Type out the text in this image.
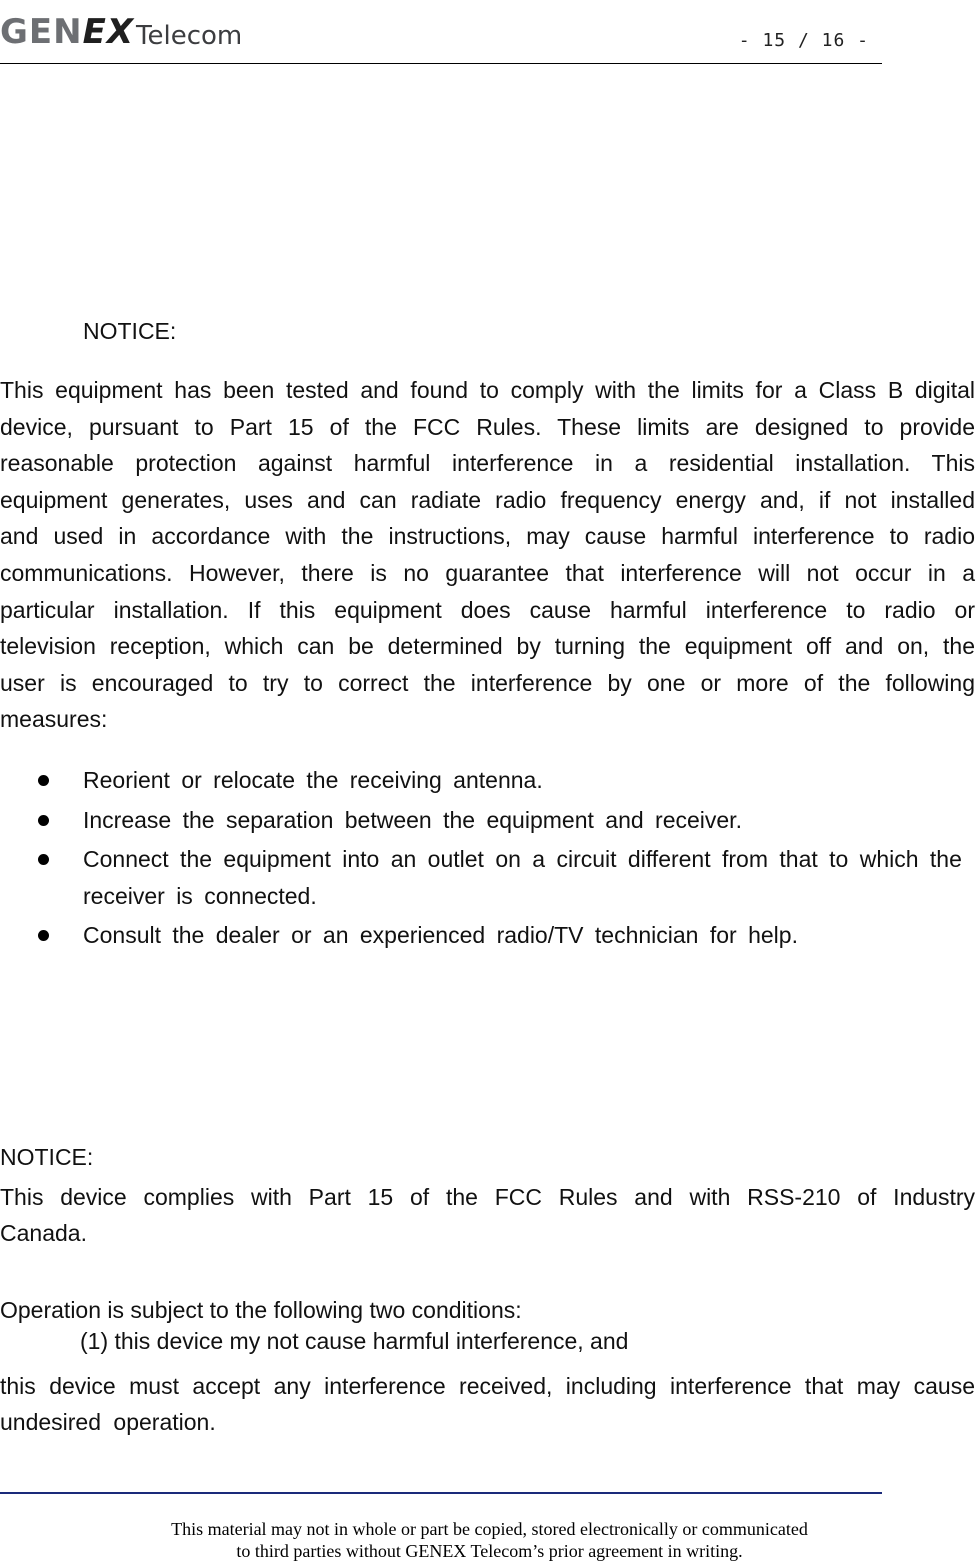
GENEX Telecom	- 15 / 16 -
NOTICE:
This equipment has been tested and found to comply with the limits for a Class B digital device, pursuant to Part 15 of the FCC Rules. These limits are designed to provide reasonable protection against harmful interference in a residential installation. This equipment generates, uses and can radiate radio frequency energy and, if not installed and used in accordance with the instructions, may cause harmful interference to radio communications. However, there is no guarantee that interference will not occur in a particular installation. If this equipment does cause harmful interference to radio or television reception, which can be determined by turning the equipment off and on, the user is encouraged to try to correct the interference by one or more of the following measures:
Reorient or relocate the receiving antenna.
Increase the separation between the equipment and receiver.
Connect the equipment into an outlet on a circuit different from that to which the receiver is connected.
Consult the dealer or an experienced radio/TV technician for help.
NOTICE:
This device complies with Part 15 of the FCC Rules and with RSS-210 of Industry Canada.
Operation is subject to the following two conditions:
(1) this device my not cause harmful interference, and
this device must accept any interference received, including interference that may cause undesired operation.
This material may not in whole or part be copied, stored electronically or communicated
to third parties without GENEX Telecom’s prior agreement in writing.
